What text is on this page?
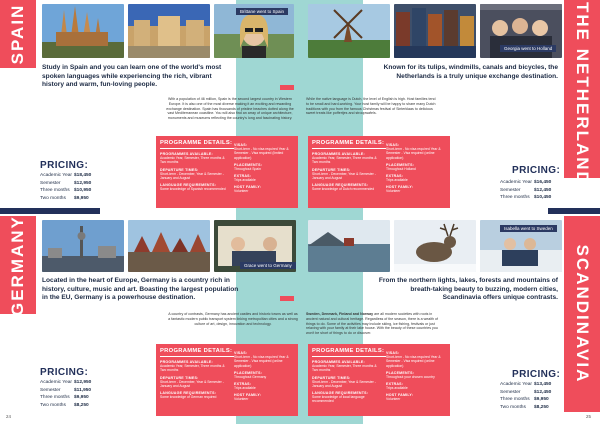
SPAIN
GERMANY
THE NETHERLANDS
SCANDINAVIA
Brittane went to Spain
Georgia went to Holland
Study in Spain and you can learn one of the world's most spoken languages while experiencing the rich, vibrant history and warm, fun-loving people.
With a population of 46 million, Spain is the second largest country in Western Europe. It is also one of the most diverse making it an exciting and rewarding exchange destination. Spain has thousands of pristine beaches dotted along the vast Mediterranean coastline. You will also find an array of unique architecture, monuments and museums reflecting the country's long and fascinating history.
Known for its tulips, windmills, canals and bicycles, the Netherlands is a truly unique exchange destination.
While the native language is Dutch, the level of English is high. Host families tend to be small and hard-working. Your host family will be happy to share many Dutch traditions with you from the famous Christmas festival of Sinterklaas to delicious sweet treats like poffertjes and stroopwafels.
PRICING:
Academic Year $18,450
Semester	$12,950
Three months $10,950
Two months $9,950
PRICING:
Academic Year $16,450
Semester	$12,450
Three months $10,450
PROGRAMME DETAILS:
PROGRAMMES AVAILABLE:
Academic Year, Semester, Three months & Two months
DEPARTURE TIMES:
Short-term - December, Year & Semester - January and August
LANGUAGE REQUIREMENTS:
Some knowledge of Spanish recommended
VISAS:
Short-term - No visa required Year & Semester - Visa required (limited application)
PLACEMENTS:
Throughout Spain
EXTRAS:
Trips available
HOST FAMILY:
Volunteer
PROGRAMME DETAILS:
PROGRAMMES AVAILABLE:
Academic Year, Semester, Three months & Two months
DEPARTURE TIMES:
Short-term - December, Year & Semester - January and August
LANGUAGE REQUIREMENTS:
Some knowledge of Dutch recommended
VISAS:
Short-term - No visa required Year & Semester - Visa required (online application)
PLACEMENTS:
Throughout Holland
EXTRAS:
Trips available
HOST FAMILY:
Volunteer
Grace went to Germany
Isabella went to Sweden
Located in the heart of Europe, Germany is a country rich in history, culture, music and art. Boasting the largest population in the EU, Germany is a powerhouse destination.
A country of contrasts, Germany has ancient castles and historic towns as well as a fantastic modern public transport system linking metropolitan cities and a strong culture of art, design, innovation and technology.
From the northern lights, lakes, forests and mountains of breath-taking beauty to buzzing, modern cities, Scandinavia offers unique contrasts.
Sweden, Denmark, Finland and Norway are all modern societies with roots in ancient natural and cultural heritage. Regardless of the season, there is a wealth of things to do. Some of the activities may include skiing, ice fishing, festivals or just relaxing with your family at their lake house. With the beauty of these countries you won't be short of things to do or discover.
PRICING:
Academic Year $12,950
Semester	$11,950
Three months $9,950
Two months $8,250
PRICING:
Academic Year $13,450
Semester	$12,450
Three months $9,950
Two months $8,250
PROGRAMME DETAILS:
PROGRAMMES AVAILABLE:
Academic Year, Semester, Three months & Two months
DEPARTURE TIMES:
Short-term - December, Year & Semester - January and August
LANGUAGE REQUIREMENTS:
Some knowledge of German required
VISAS:
Short-term - No visa required Year & Semester - Visa required (online application)
PLACEMENTS:
Throughout Germany
EXTRAS:
Trips available
HOST FAMILY:
Volunteer
PROGRAMME DETAILS:
PROGRAMMES AVAILABLE:
Academic Year, Semester, Three months & Two months
DEPARTURE TIMES:
Short-term - December, Year & Semester - January and August
LANGUAGE REQUIREMENTS:
Some knowledge of local language recommended
VISAS:
Short-term - No visa required Year & Semester - Visa required (online application)
PLACEMENTS:
Throughout your chosen country
EXTRAS:
Trips available
HOST FAMILY:
Volunteer
24	25
